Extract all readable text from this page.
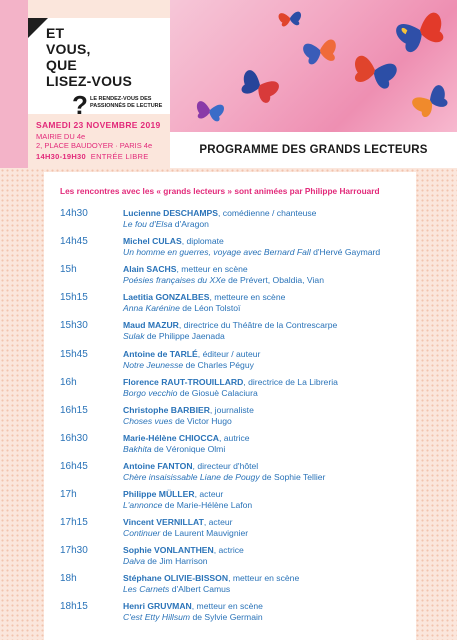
ET
VOUS,
QUE
LISEZ-VOUS
? LE RENDEZ-VOUS DES PASSIONNÉS DE LECTURE
SAMEDI 23 NOVEMBRE 2019
MAIRIE DU 4e
2, PLACE BAUDOYER · PARIS 4e
14H30-19H30 ENTRÉE LIBRE
PROGRAMME DES GRANDS LECTEURS
Les rencontres avec les « grands lecteurs » sont animées par Philippe Harrouard
14h30	Lucienne DESCHAMPS, comédienne / chanteuse
Le fou d'Elsa d'Aragon
14h45	Michel CULAS, diplomate
Un homme en guerres, voyage avec Bernard Fall d'Hervé Gaymard
15h	Alain SACHS, metteur en scène
Poésies françaises du XXe de Prévert, Obaldia, Vian
15h15	Laetitia GONZALBES, metteure en scène
Anna Karénine de Léon Tolstoï
15h30	Maud MAZUR, directrice du Théâtre de la Contrescarpe
Sulak de Philippe Jaenada
15h45	Antoine de TARLÉ, éditeur / auteur
Notre Jeunesse de Charles Péguy
16h	Florence RAUT-TROUILLARD, directrice de La Libreria
Borgo vecchio de Giosuè Calaciura
16h15	Christophe BARBIER, journaliste
Choses vues de Victor Hugo
16h30	Marie-Hélène CHIOCCA, autrice
Bakhita de Véronique Olmi
16h45	Antoine FANTON, directeur d'hôtel
Chère insaisissable Liane de Pougy de Sophie Tellier
17h	Philippe MÜLLER, acteur
L'annonce de Marie-Hélène Lafon
17h15	Vincent VERNILLAT, acteur
Continuer de Laurent Mauvignier
17h30	Sophie VONLANTHEN, actrice
Dalva de Jim Harrison
18h	Stéphane OLIVIE-BISSON, metteur en scène
Les Carnets d'Albert Camus
18h15	Henri GRUVMAN, metteur en scène
C'est Etty Hillsum de Sylvie Germain
